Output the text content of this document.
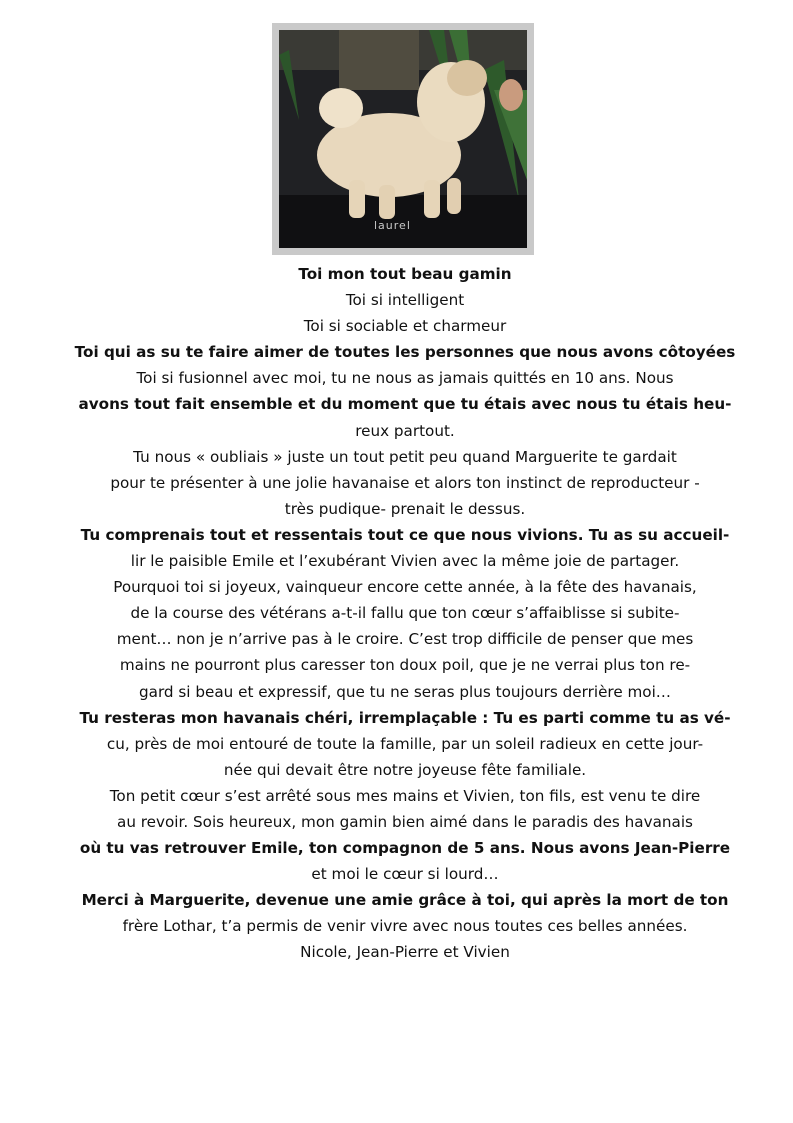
laurel
Toi mon tout beau gamin
Toi si intelligent
Toi si sociable et charmeur
Toi qui as su te faire aimer de toutes les personnes que nous avons côtoyées
Toi si fusionnel avec moi, tu ne nous as jamais quittés en 10 ans. Nous
avons tout fait ensemble et du moment que tu étais avec nous tu étais heu-
reux partout.
Tu nous « oubliais » juste un tout petit peu quand Marguerite te gardait
pour te présenter à une jolie havanaise et alors ton instinct de reproducteur -
très pudique- prenait le dessus.
Tu comprenais tout et ressentais tout ce que nous vivions. Tu as su accueil-
lir le paisible Emile et l’exubérant Vivien avec la même joie de partager.
Pourquoi toi si joyeux, vainqueur encore cette année, à la fête des havanais,
de la course des vétérans a-t-il fallu que ton cœur s’affaiblisse si subite-
ment… non je n’arrive pas à le croire. C’est trop difficile de penser que mes
mains ne pourront plus caresser ton doux poil, que je ne verrai plus ton re-
gard si beau et expressif, que tu ne seras plus toujours derrière moi…
Tu resteras mon havanais chéri, irremplaçable : Tu es parti comme tu as vé-
cu, près de moi entouré de toute la famille, par un soleil radieux en cette jour-
née qui devait être notre joyeuse fête familiale.
Ton petit cœur s’est arrêté sous mes mains et Vivien, ton fils, est venu te dire
au revoir. Sois heureux, mon gamin bien aimé dans le paradis des havanais
où tu vas retrouver Emile, ton compagnon de 5 ans. Nous avons Jean-Pierre
et moi le cœur si lourd…
Merci à Marguerite, devenue une amie grâce à toi, qui après la mort de ton
frère Lothar, t’a permis de venir vivre avec nous toutes ces belles années.
Nicole, Jean-Pierre et Vivien
